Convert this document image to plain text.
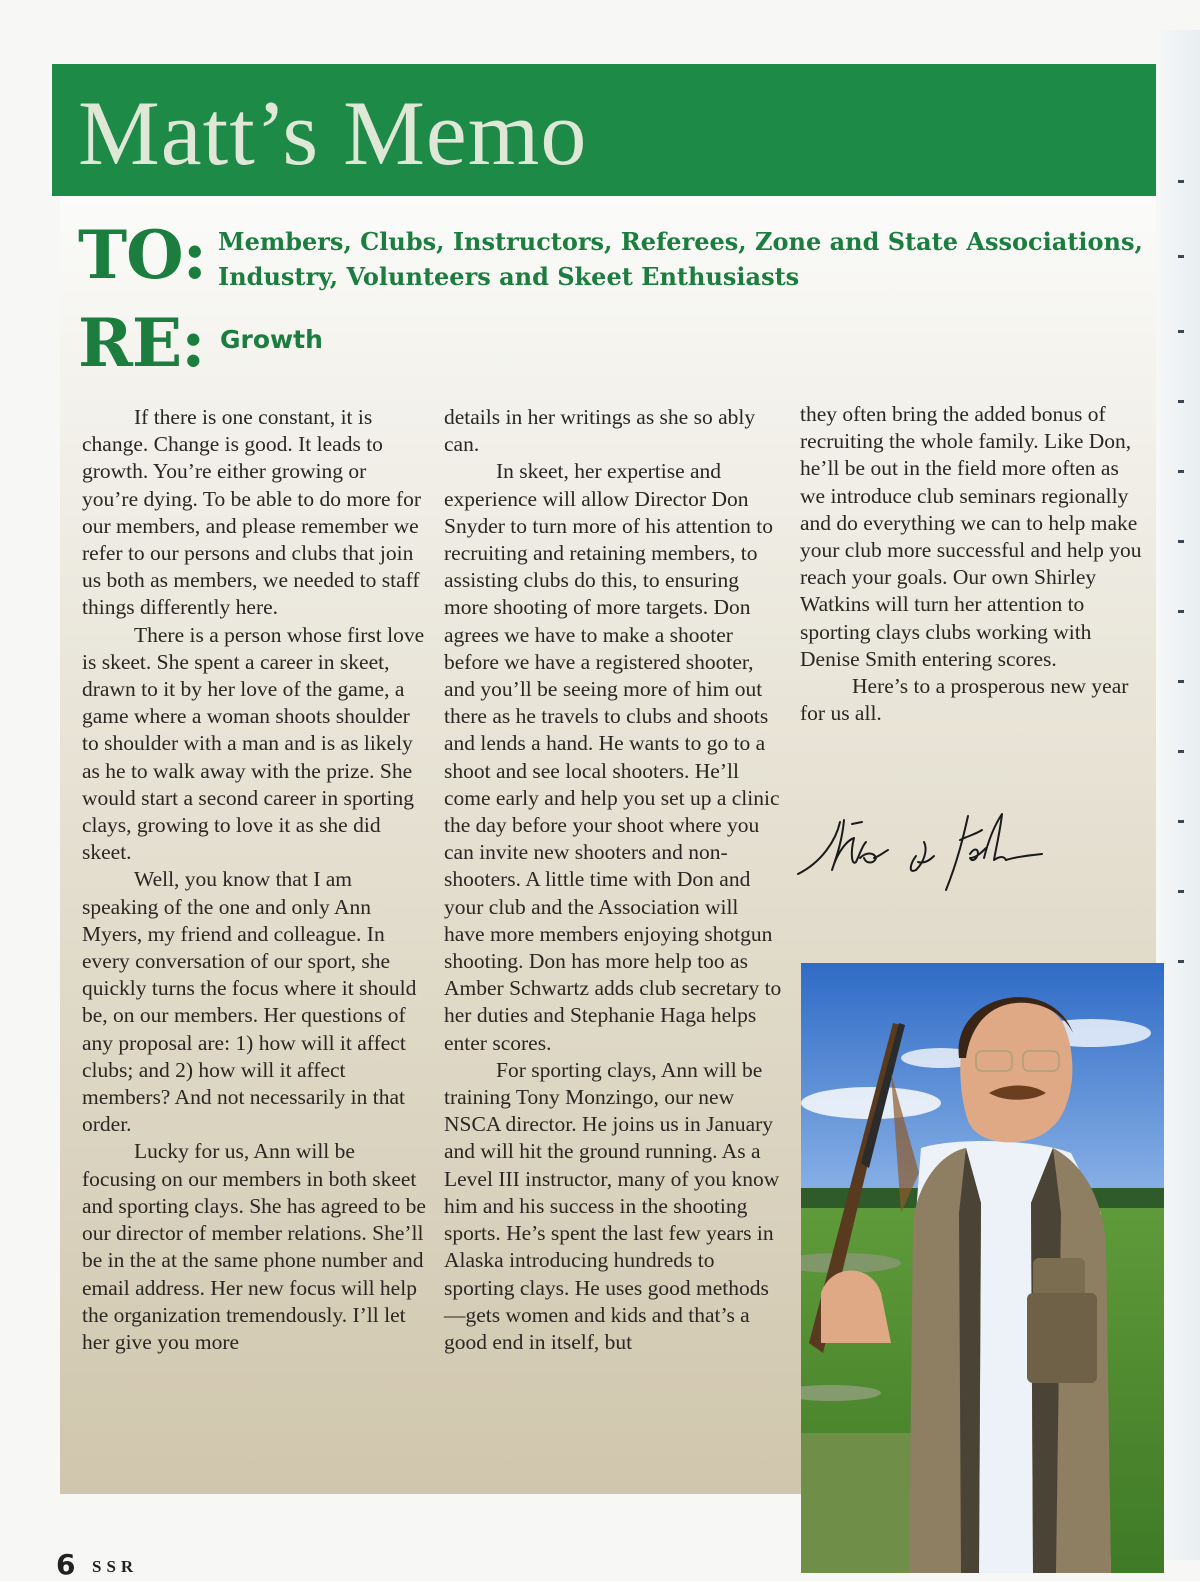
Matt’s Memo
TO: Members, Clubs, Instructors, Referees, Zone and State Associations, Industry, Volunteers and Skeet Enthusiasts
RE: Growth

If there is one constant, it is change. Change is good. It leads to growth. You’re either growing or you’re dying. To be able to do more for our members, and please remember we refer to our persons and clubs that join us both as members, we needed to staff things differently here.

There is a person whose first love is skeet. She spent a career in skeet, drawn to it by her love of the game, a game where a woman shoots shoulder to shoulder with a man and is as likely as he to walk away with the prize. She would start a second career in sporting clays, growing to love it as she did skeet.

Well, you know that I am speaking of the one and only Ann Myers, my friend and colleague. In every conversation of our sport, she quickly turns the focus where it should be, on our members. Her questions of any proposal are: 1) how will it affect clubs; and 2) how will it affect members? And not necessarily in that order.

Lucky for us, Ann will be focusing on our members in both skeet and sporting clays. She has agreed to be our director of member relations. She’ll be in the at the same phone number and email address. Her new focus will help the organization tremendously. I’ll let her give you more

details in her writings as she so ably can.

In skeet, her expertise and experience will allow Director Don Snyder to turn more of his attention to recruiting and retaining members, to assisting clubs do this, to ensuring more shooting of more targets. Don agrees we have to make a shooter before we have a registered shooter, and you’ll be seeing more of him out there as he travels to clubs and shoots and lends a hand. He wants to go to a shoot and see local shooters. He’ll come early and help you set up a clinic the day before your shoot where you can invite new shooters and non-shooters. A little time with Don and your club and the Association will have more members enjoying shotgun shooting. Don has more help too as Amber Schwartz adds club secretary to her duties and Stephanie Haga helps enter scores.

For sporting clays, Ann will be training Tony Monzingo, our new NSCA director. He joins us in January and will hit the ground running. As a Level III instructor, many of you know him and his success in the shooting sports. He’s spent the last few years in Alaska introducing hundreds to sporting clays. He uses good methods—gets women and kids and that’s a good end in itself, but

they often bring the added bonus of recruiting the whole family. Like Don, he’ll be out in the field more often as we introduce club seminars regionally and do everything we can to help make your club more successful and help you reach your goals. Our own Shirley Watkins will turn her attention to sporting clays clubs working with Denise Smith entering scores.

Here’s to a prosperous new year for us all.

6 SSR
